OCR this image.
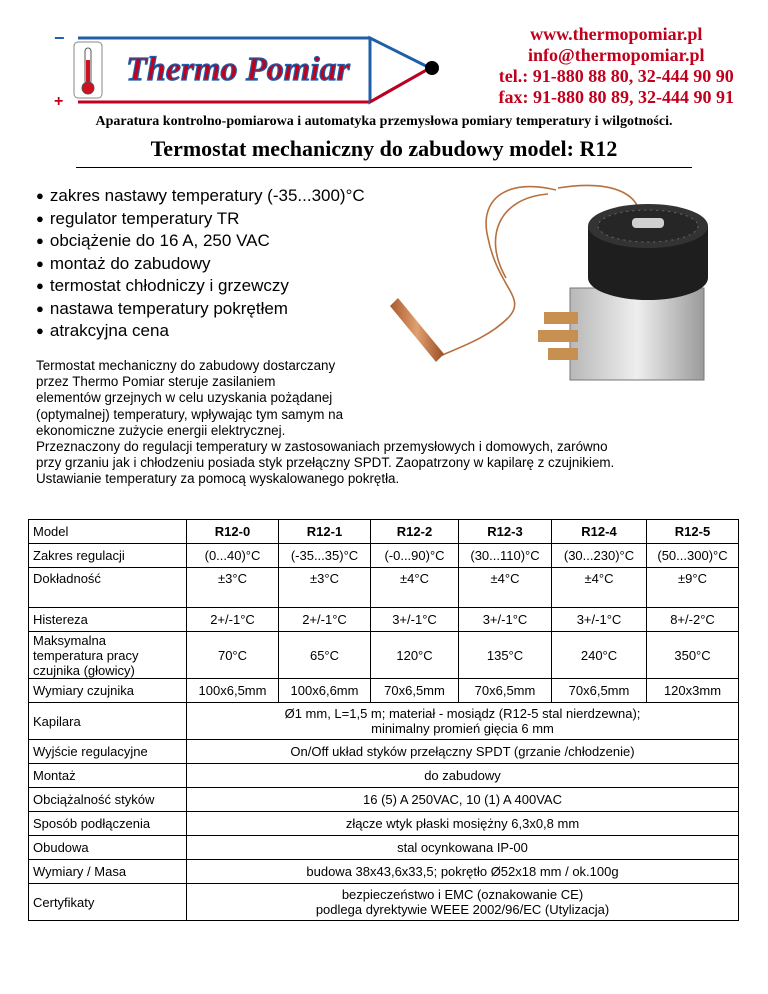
−
+
Thermo Pomiar
www.thermopomiar.pl
info@thermopomiar.pl
tel.: 91-880 88 80, 32-444 90 90
fax: 91-880 80 89, 32-444 90 91
Aparatura kontrolno-pomiarowa i automatyka przemysłowa pomiary temperatury i wilgotności.
Termostat mechaniczny do zabudowy model: R12
● zakres nastawy temperatury (-35...300)°C
● regulator temperatury TR
● obciążenie do 16 A, 250 VAC
● montaż do zabudowy
● termostat chłodniczy i grzewczy
● nastawa temperatury pokrętłem
● atrakcyjna cena
Termostat mechaniczny do zabudowy dostarczany
przez Thermo Pomiar steruje zasilaniem
elementów grzejnych w celu uzyskania pożądanej
(optymalnej) temperatury, wpływając tym samym na
ekonomiczne zużycie energii elektrycznej.
Przeznaczony do regulacji temperatury w zastosowaniach przemysłowych i domowych, zarówno
przy grzaniu jak i chłodzeniu posiada styk przełączny SPDT. Zaopatrzony w kapilarę z czujnikiem.
Ustawianie temperatury za pomocą wyskalowanego pokrętła.
Model	R12-0	R12-1	R12-2	R12-3	R12-4	R12-5
Zakres regulacji	(0...40)°C	(-35...35)°C	(-0...90)°C	(30...110)°C	(30...230)°C	(50...300)°C
Dokładność	±3°C	±3°C	±4°C	±4°C	±4°C	±9°C
Histereza	2+/-1°C	2+/-1°C	3+/-1°C	3+/-1°C	3+/-1°C	8+/-2°C
Maksymalna temperatura pracy czujnika (głowicy)	70°C	65°C	120°C	135°C	240°C	350°C
Wymiary czujnika	100x6,5mm	100x6,6mm	70x6,5mm	70x6,5mm	70x6,5mm	120x3mm
Kapilara	Ø1 mm, L=1,5 m; materiał - mosiądz (R12-5 stal nierdzewna);
minimalny promień gięcia 6 mm					

Wyjście regulacyjne	On/Off układ styków przełączny SPDT (grzanie /chłodzenie)					
Montaż	do zabudowy					
Obciążalność styków	16 (5) A 250VAC, 10 (1) A 400VAC					
Sposób podłączenia	złącze wtyk płaski mosiężny 6,3x0,8 mm					
Obudowa	stal ocynkowana IP-00					
Wymiary / Masa	budowa 38x43,6x33,5; pokrętło Ø52x18 mm / ok.100g					
Certyfikaty	bezpieczeństwo i EMC (oznakowanie CE)
podlega dyrektywie WEEE 2002/96/EC (Utylizacja)					
